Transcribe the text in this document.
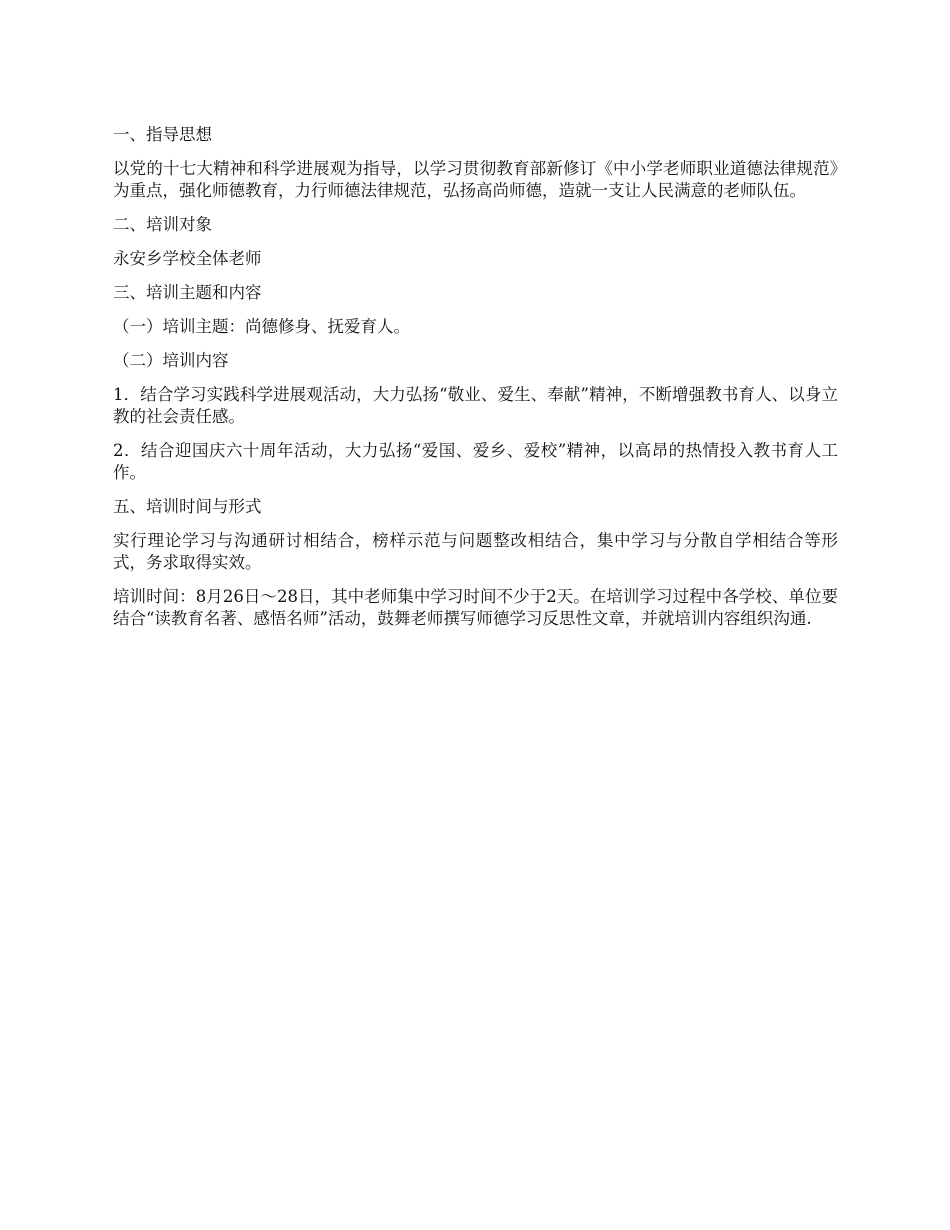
一、指导思想

以党的十七大精神和科学进展观为指导，以学习贯彻教育部新修订《中小学老师职业道德法律规范》为重点，强化师德教育，力行师德法律规范，弘扬高尚师德，造就一支让人民满意的老师队伍。

二、培训对象

永安乡学校全体老师

三、培训主题和内容

（一）培训主题：尚德修身、抚爱育人。

（二）培训内容

1．结合学习实践科学进展观活动，大力弘扬“敬业、爱生、奉献”精神，不断增强教书育人、以身立教的社会责任感。

2．结合迎国庆六十周年活动，大力弘扬“爱国、爱乡、爱校”精神，以高昂的热情投入教书育人工作。

五、培训时间与形式

实行理论学习与沟通研讨相结合，榜样示范与问题整改相结合，集中学习与分散自学相结合等形式，务求取得实效。

培训时间：8月26日～28日，其中老师集中学习时间不少于2天。在培训学习过程中各学校、单位要结合“读教育名著、感悟名师”活动，鼓舞老师撰写师德学习反思性文章，并就培训内容组织沟通.
